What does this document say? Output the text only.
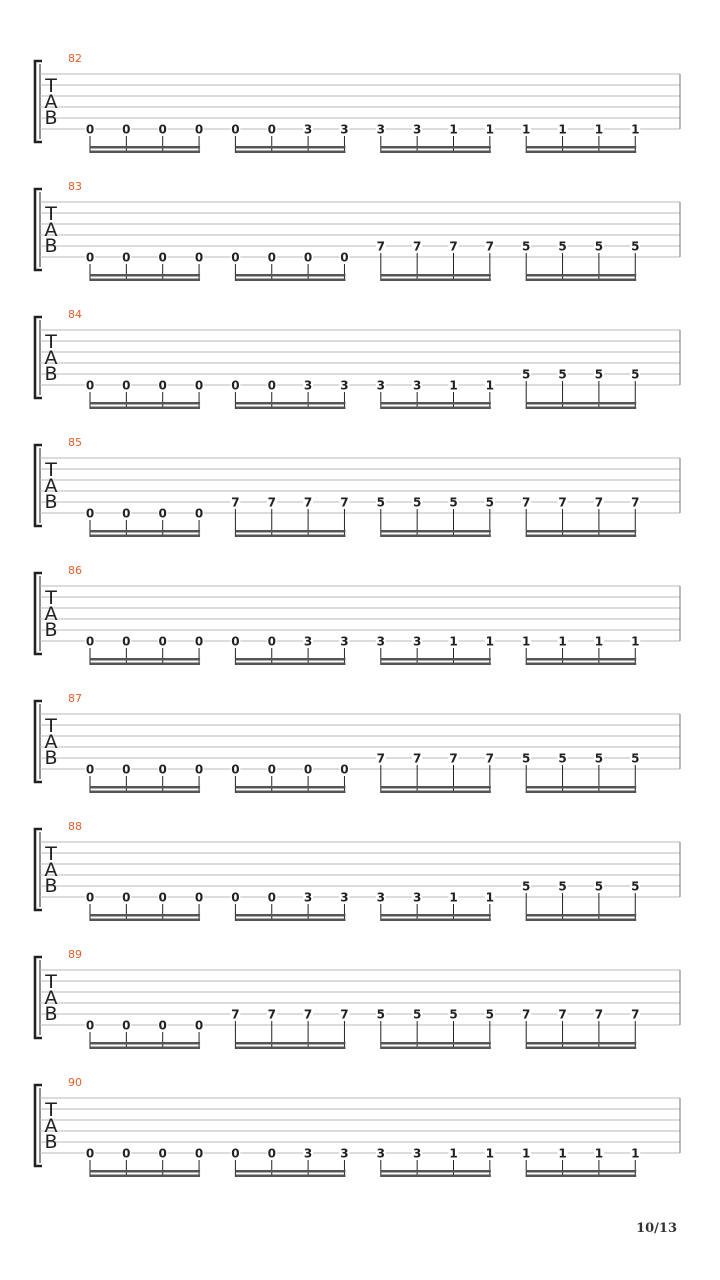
82
T
A
B
0 0 0 0 0 0 3 3 3 3 1 1 1 1 1 1
83
T
A
B
0 0 0 0 0 0 0 0
7 7 7 7 5 5 5 5
84
T
A
B
0 0 0 0 0 0 3 3 3 3 1 1
5 5 5 5
85
T
A
B
0 0 0 0
7 7 7 7 5 5 5 5 7 7 7 7
86
T
A
B
0 0 0 0 0 0 3 3 3 3 1 1 1 1 1 1
87
T
A
B
0 0 0 0 0 0 0 0
7 7 7 7 5 5 5 5
88
T
A
B
0 0 0 0 0 0 3 3 3 3 1 1
5 5 5 5
89
T
A
B
0 0 0 0
7 7 7 7 5 5 5 5 7 7 7 7
90
T
A
B
0 0 0 0 0 0 3 3 3 3 1 1 1 1 1 1
10/13
